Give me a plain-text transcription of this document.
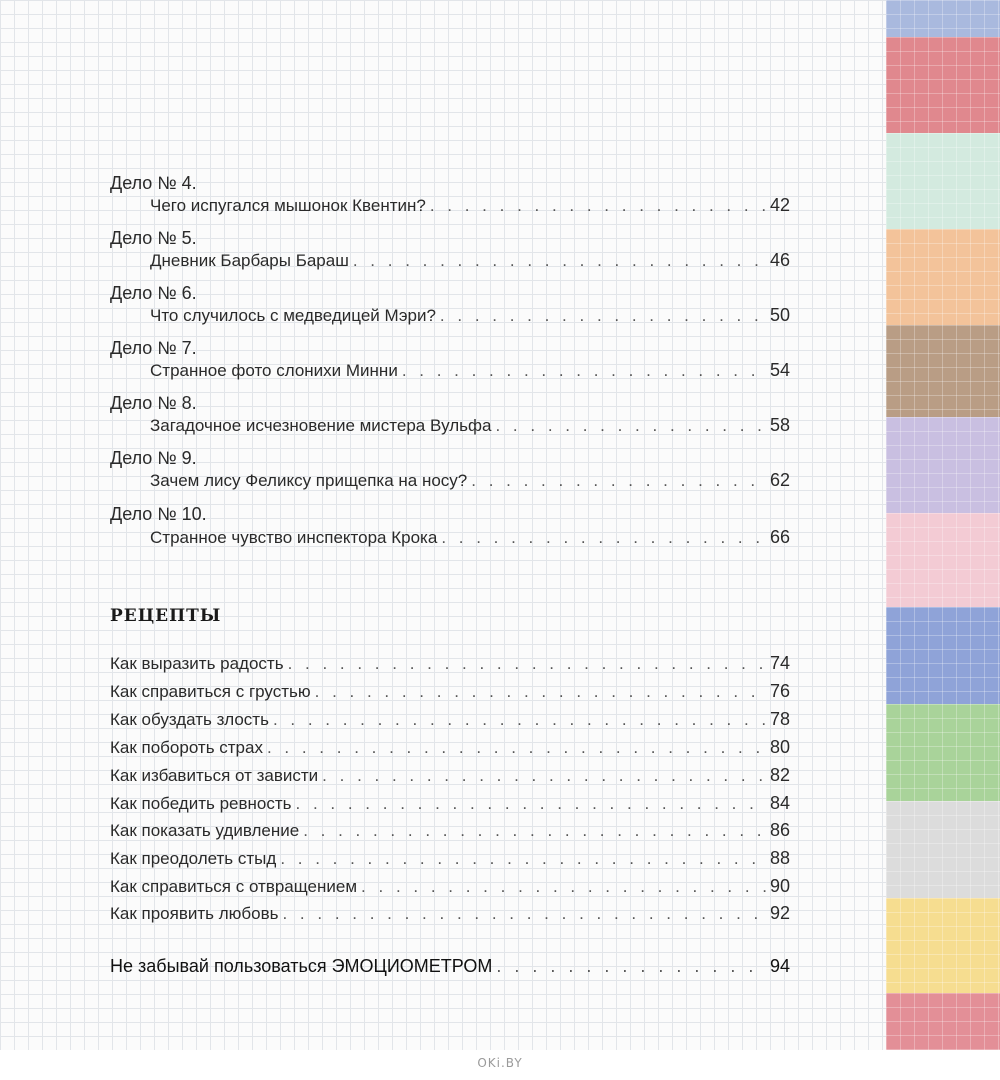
Дело № 4.
Чего испугался мышонок Квентин? . . .	42
Дело № 5.
Дневник Барбары Бараш . . .	46
Дело № 6.
Что случилось с медведицей Мэри? . . .	50
Дело № 7.
Странное фото слонихи Минни . . .	54
Дело № 8.
Загадочное исчезновение мистера Вульфа . . .	58
Дело № 9.
Зачем лису Феликсу прищепка на носу? . . .	62
Дело № 10.
Странное чувство инспектора Крока . . .	66
РЕЦЕПТЫ
Как выразить радость . . .	74
Как справиться с грустью . . .	76
Как обуздать злость . . .	78
Как побороть страх . . .	80
Как избавиться от зависти . . .	82
Как победить ревность . . .	84
Как показать удивление . . .	86
Как преодолеть стыд . . .	88
Как справиться с отвращением . . .	90
Как проявить любовь . . .	92
Не забывай пользоваться ЭМОЦИОМЕТРОМ . . .	94
OKi.BY
